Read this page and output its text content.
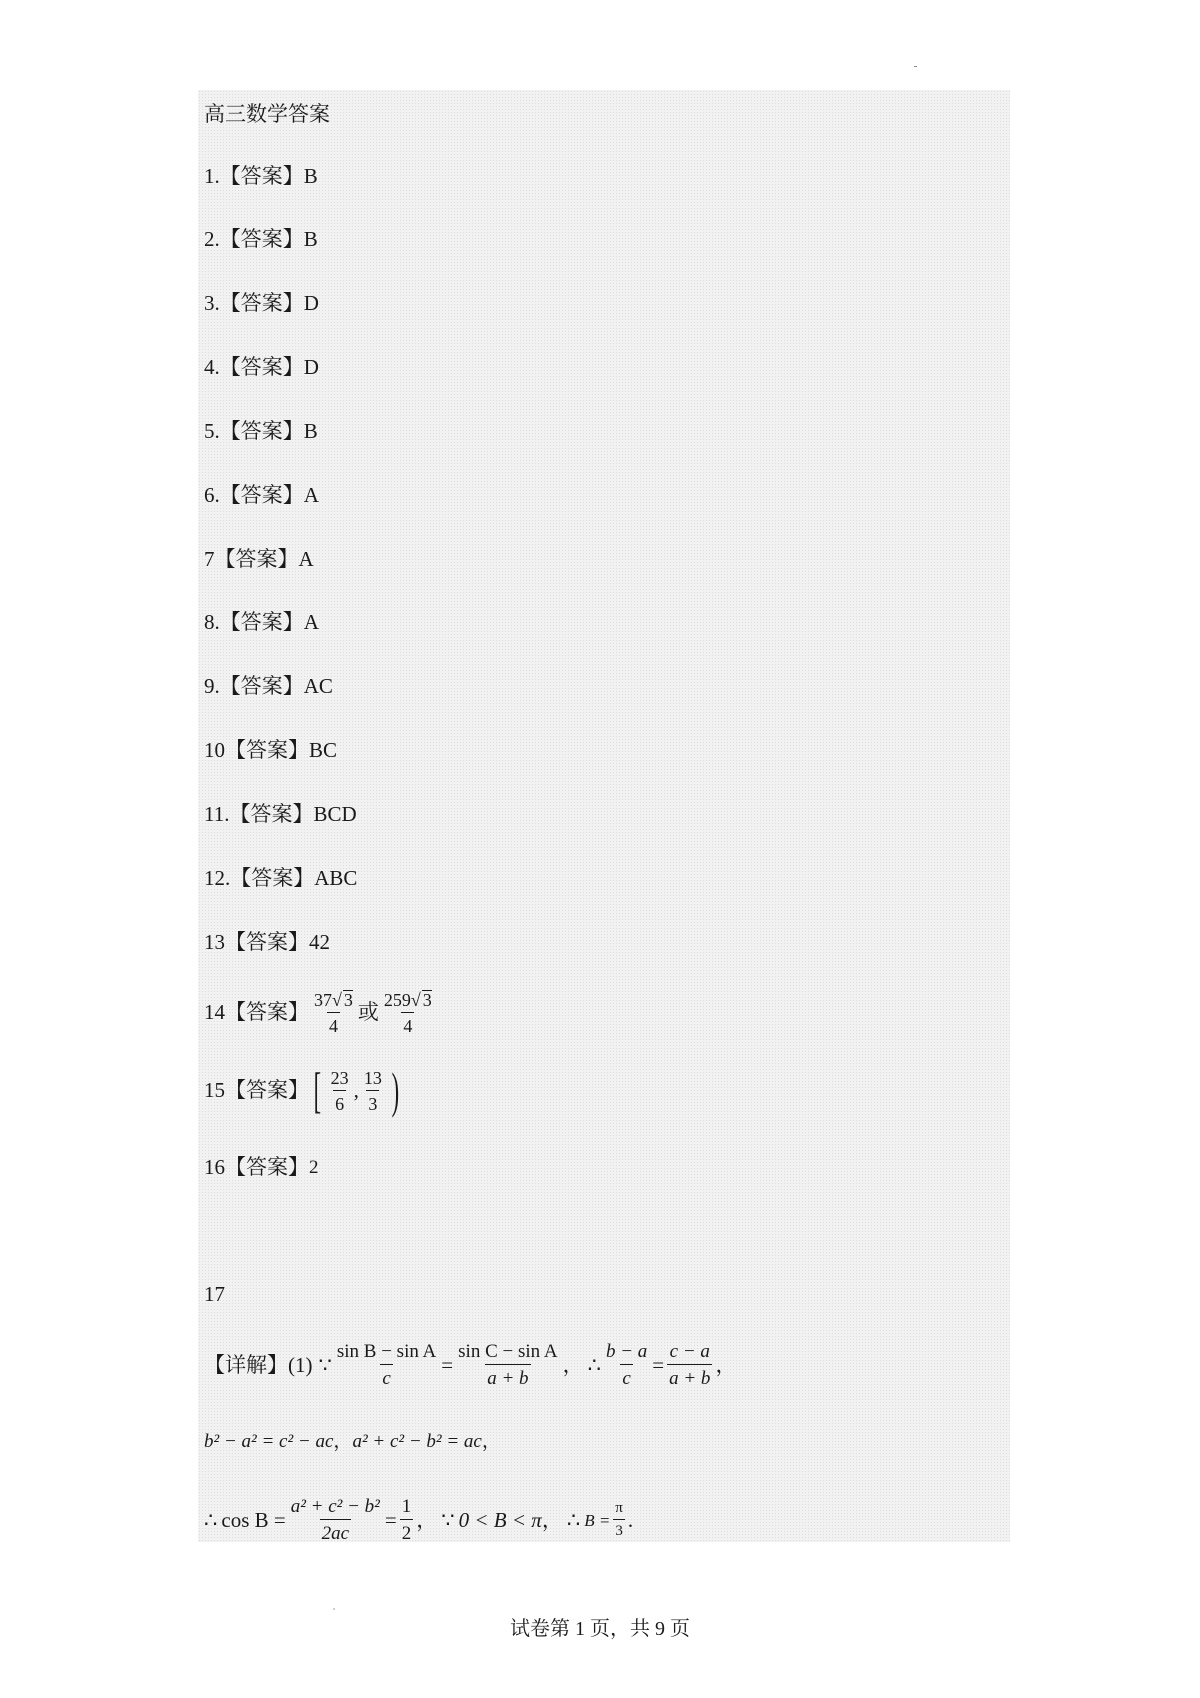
高三数学答案
1. 【答案】 B
2. 【答案】 B
3. 【答案】 D
4. 【答案】 D
5. 【答案】 B
6. 【答案】 A
7 【答案】 A
8. 【答案】 A
9. 【答案】 AC
10 【答案】 BC
11. 【答案】 BCD
12. 【答案】 ABC
13 【答案】 42
14 【答案】 $\frac{37√ 3}{4}$ 或 $\frac{259√ 3}{4}$
15 【答案】 [ $\frac{23}{6}$ , $\frac{13}{3}$ )
16 【答案】 2
17
【详解】(1) ∵ $\frac{\text{sin B − sin A}}{c} = \frac{\text{sin C − sin A}}{a + b}$ ， ∴ $\frac{b - a}{c} = \frac{c - a}{a + b}$ ，
b² − a² = c² − ac ， a² + c² − b² = ac ，
∴ $\cos B = \frac{\text{a² + c² − b²}}{2ac} = \frac{1}{2}$ ， ∵ 0 < B < π ， ∴ $B = \frac{\pi}{3}$ .
试卷第 1 页，共 9 页
